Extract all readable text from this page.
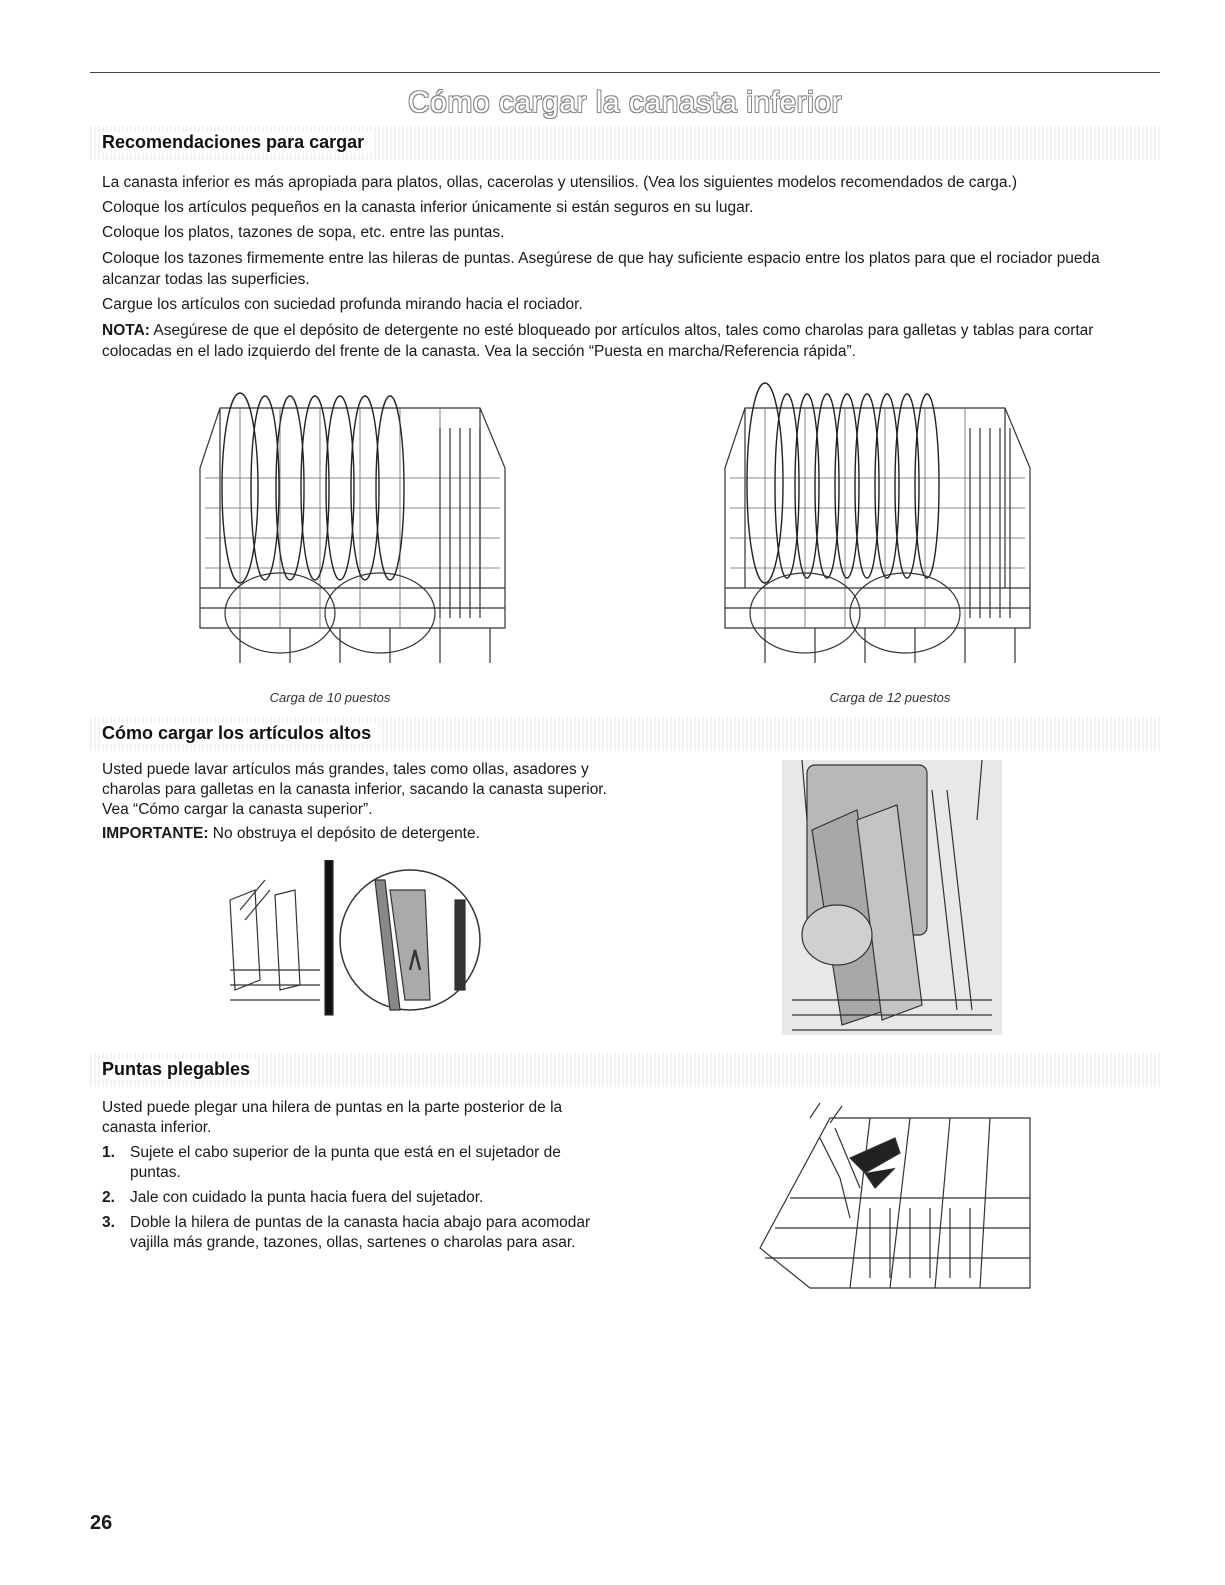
Cómo cargar la canasta inferior
Recomendaciones para cargar

La canasta inferior es más apropiada para platos, ollas, cacerolas y utensilios. (Vea los siguientes modelos recomendados de carga.)

Coloque los artículos pequeños en la canasta inferior únicamente si están seguros en su lugar.

Coloque los platos, tazones de sopa, etc. entre las puntas.

Coloque los tazones firmemente entre las hileras de puntas. Asegúrese de que hay suficiente espacio entre los platos para que el rociador pueda alcanzar todas las superficies.

Cargue los artículos con suciedad profunda mirando hacia el rociador.

NOTA: Asegúrese de que el depósito de detergente no esté bloqueado por artículos altos, tales como charolas para galletas y tablas para cortar colocadas en el lado izquierdo del frente de la canasta. Vea la sección “Puesta en marcha/Referencia rápida”.

Carga de 10 puestos	Carga de 12 puestos
Cómo cargar los artículos altos

Usted puede lavar artículos más grandes, tales como ollas, asadores y charolas para galletas en la canasta inferior, sacando la canasta superior. Vea “Cómo cargar la canasta superior”.

IMPORTANTE: No obstruya el depósito de detergente.

Puntas plegables

Usted puede plegar una hilera de puntas en la parte posterior de la canasta inferior.

1. Sujete el cabo superior de la punta que está en el sujetador de puntas.
2. Jale con cuidado la punta hacia fuera del sujetador.
3. Doble la hilera de puntas de la canasta hacia abajo para acomodar vajilla más grande, tazones, ollas, sartenes o charolas para asar.
26
